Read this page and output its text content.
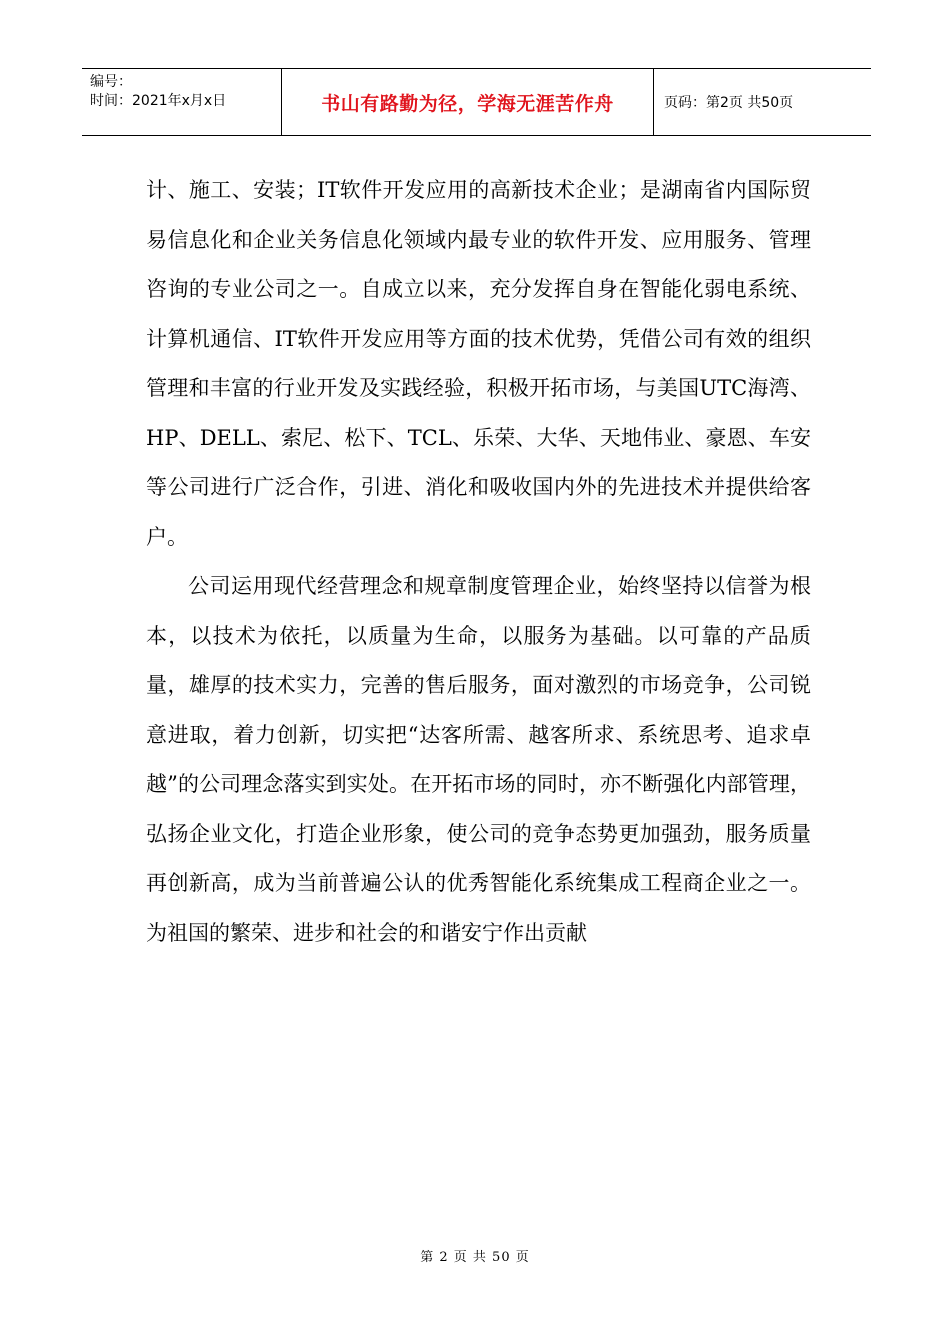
编号：
时间：2021年x月x日	书山有路勤为径，学海无涯苦作舟	页码：第2页 共50页

计、施工、安装；IT软件开发应用的高新技术企业；是湖南省内国际贸易信息化和企业关务信息化领域内最专业的软件开发、应用服务、管理咨询的专业公司之一。自成立以来，充分发挥自身在智能化弱电系统、计算机通信、IT软件开发应用等方面的技术优势，凭借公司有效的组织管理和丰富的行业开发及实践经验，积极开拓市场，与美国UTC海湾、HP、DELL、索尼、松下、TCL、乐荣、大华、天地伟业、豪恩、车安等公司进行广泛合作，引进、消化和吸收国内外的先进技术并提供给客户。

公司运用现代经营理念和规章制度管理企业，始终坚持以信誉为根本，以技术为依托，以质量为生命，以服务为基础。以可靠的产品质量，雄厚的技术实力，完善的售后服务，面对激烈的市场竞争，公司锐意进取，着力创新，切实把“达客所需、越客所求、系统思考、追求卓越”的公司理念落实到实处。在开拓市场的同时，亦不断强化内部管理，弘扬企业文化，打造企业形象，使公司的竞争态势更加强劲，服务质量再创新高，成为当前普遍公认的优秀智能化系统集成工程商企业之一。为祖国的繁荣、进步和社会的和谐安宁作出贡献

第 2 页 共 50 页
